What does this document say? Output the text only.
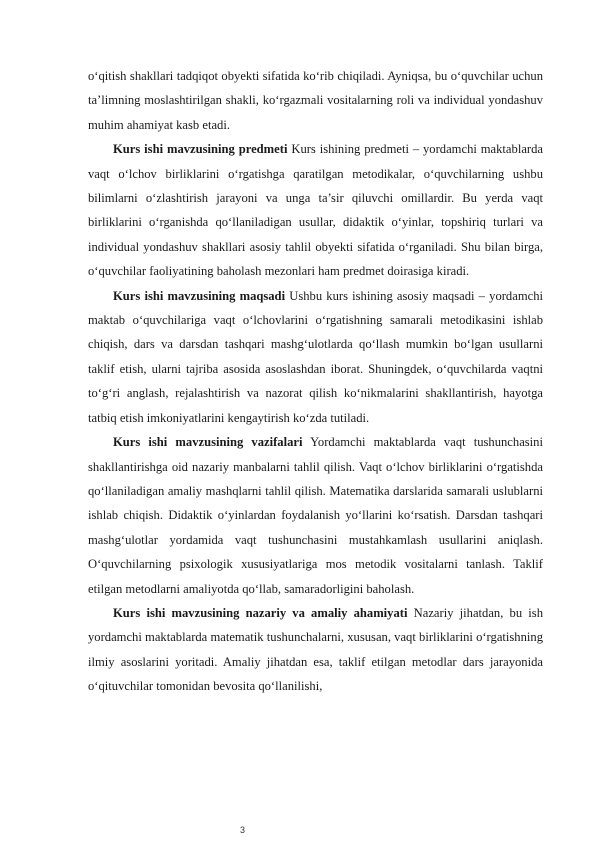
o‘qitish shakllari tadqiqot obyekti sifatida ko‘rib chiqiladi. Ayniqsa, bu o‘quvchilar uchun ta’limning moslashtirilgan shakli, ko‘rgazmali vositalarning roli va individual yondashuv muhim ahamiyat kasb etadi.

Kurs ishi mavzusining predmeti Kurs ishining predmeti – yordamchi maktablarda vaqt o‘lchov birliklarini o‘rgatishga qaratilgan metodikalar, o‘quvchilarning ushbu bilimlarni o‘zlashtirish jarayoni va unga ta’sir qiluvchi omillardir. Bu yerda vaqt birliklarini o‘rganishda qo‘llaniladigan usullar, didaktik o‘yinlar, topshiriq turlari va individual yondashuv shakllari asosiy tahlil obyekti sifatida o‘rganiladi. Shu bilan birga, o‘quvchilar faoliyatining baholash mezonlari ham predmet doirasiga kiradi.

Kurs ishi mavzusining maqsadi Ushbu kurs ishining asosiy maqsadi – yordamchi maktab o‘quvchilariga vaqt o‘lchovlarini o‘rgatishning samarali metodikasini ishlab chiqish, dars va darsdan tashqari mashg‘ulotlarda qo‘llash mumkin bo‘lgan usullarni taklif etish, ularni tajriba asosida asoslashdan iborat. Shuningdek, o‘quvchilarda vaqtni to‘g‘ri anglash, rejalashtirish va nazorat qilish ko‘nikmalarini shakllantirish, hayotga tatbiq etish imkoniyatlarini kengaytirish ko‘zda tutiladi.

Kurs ishi mavzusining vazifalari Yordamchi maktablarda vaqt tushunchasini shakllantirishga oid nazariy manbalarni tahlil qilish. Vaqt o‘lchov birliklarini o‘rgatishda qo‘llaniladigan amaliy mashqlarni tahlil qilish. Matematika darslarida samarali uslublarni ishlab chiqish. Didaktik o‘yinlardan foydalanish yo‘llarini ko‘rsatish. Darsdan tashqari mashg‘ulotlar yordamida vaqt tushunchasini mustahkamlash usullarini aniqlash. O‘quvchilarning psixologik xususiyatlariga mos metodik vositalarni tanlash. Taklif etilgan metodlarni amaliyotda qo‘llab, samaradorligini baholash.

Kurs ishi mavzusining nazariy va amaliy ahamiyati Nazariy jihatdan, bu ish yordamchi maktablarda matematik tushunchalarni, xususan, vaqt birliklarini o‘rgatishning ilmiy asoslarini yoritadi. Amaliy jihatdan esa, taklif etilgan metodlar dars jarayonida o‘qituvchilar tomonidan bevosita qo‘llanilishi,

3
